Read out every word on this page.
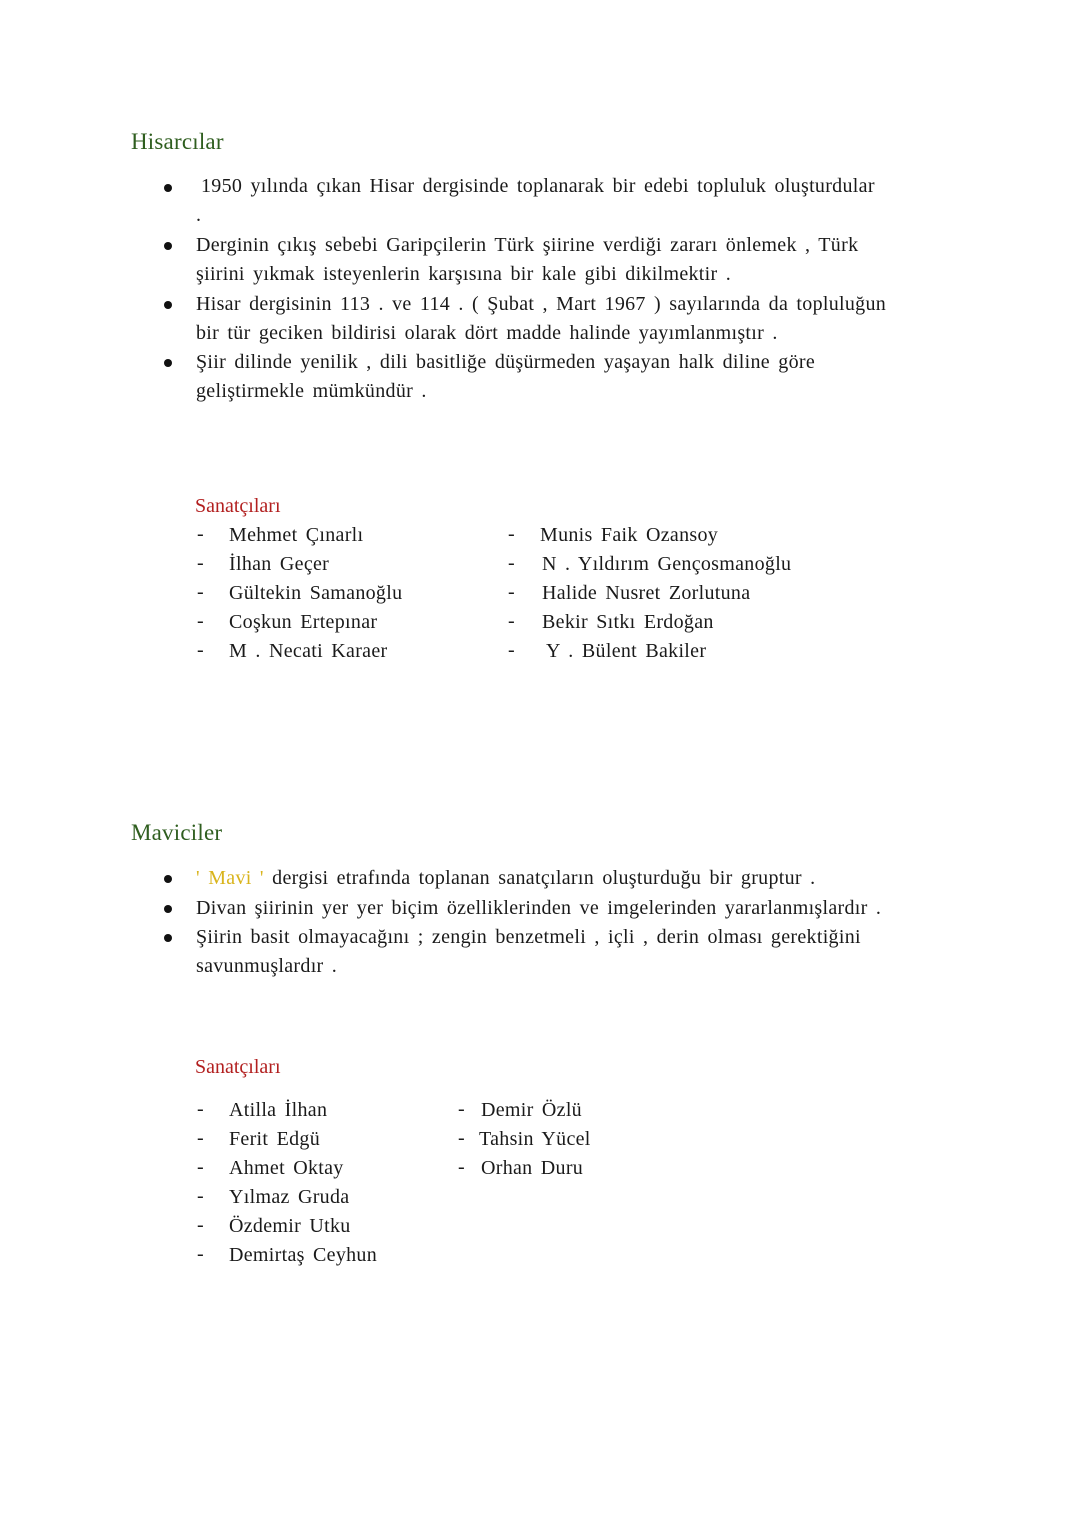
Hisarcılar
1950 yılında çıkan Hisar dergisinde toplanarak bir edebi topluluk oluşturdular
.
Derginin çıkış sebebi Garipçilerin Türk şiirine verdiği zararı önlemek , Türk
şiirini yıkmak isteyenlerin karşısına bir kale gibi dikilmektir .
Hisar dergisinin 113 . ve 114 . ( Şubat , Mart 1967 ) sayılarında da topluluğun
bir tür geciken bildirisi olarak dört madde halinde yayımlanmıştır .
Şiir dilinde yenilik , dili basitliğe düşürmeden yaşayan halk diline göre
geliştirmekle mümkündür .
Sanatçıları
- Mehmet Çınarlı
- İlhan Geçer
- Gültekin Samanoğlu
- Coşkun Ertepınar
- M . Necati Karaer
- Munis Faik Ozansoy
- N . Yıldırım Gençosmanoğlu
- Halide Nusret Zorlutuna
- Bekir Sıtkı Erdoğan
- Y . Bülent Bakiler
Maviciler
' Mavi ' dergisi etrafında toplanan sanatçıların oluşturduğu bir gruptur .
Divan şiirinin yer yer biçim özelliklerinden ve imgelerinden yararlanmışlardır .
Şiirin basit olmayacağını ; zengin benzetmeli , içli , derin olması gerektiğini
savunmuşlardır .
Sanatçıları
- Atilla İlhan
- Ferit Edgü
- Ahmet Oktay
- Yılmaz Gruda
- Özdemir Utku
- Demirtaş Ceyhun
- Demir Özlü
- Tahsin Yücel
- Orhan Duru
